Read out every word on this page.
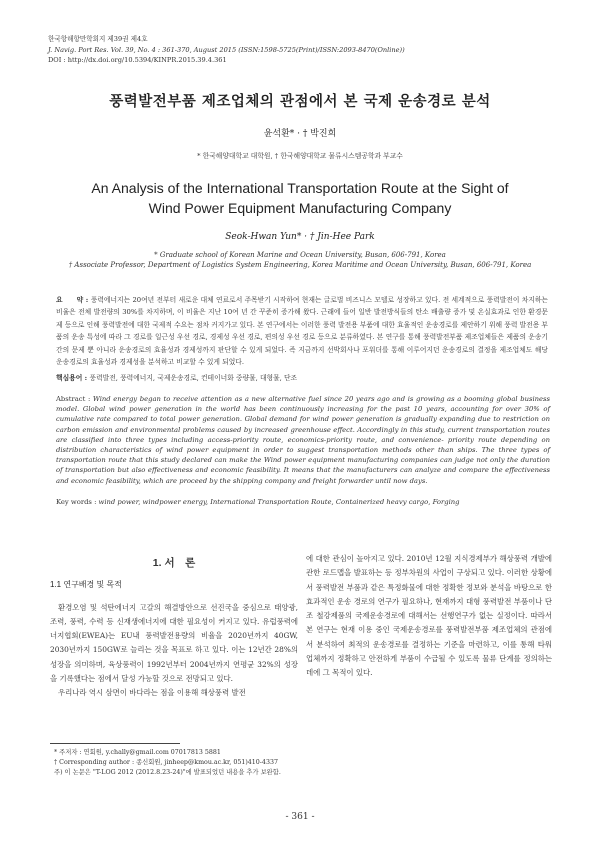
한국항해항만학회지 제39권 제4호
J. Navig. Port Res. Vol. 39, No. 4 : 361-370, August 2015 (ISSN:1598-5725(Print)/ISSN:2093-8470(Online))
DOI : http://dx.doi.org/10.5394/KINPR.2015.39.4.361
풍력발전부품 제조업체의 관점에서 본 국제 운송경로 분석
윤석환* · † 박진희
* 한국해양대학교 대학원, † 한국해양대학교 물류시스템공학과 부교수
An Analysis of the International Transportation Route at the Sight of Wind Power Equipment Manufacturing Company
Seok-Hwan Yun* · † Jin-Hee Park
* Graduate school of Korean Marine and Ocean University, Busan, 606-791, Korea
† Associate Professor, Department of Logistics System Engineering, Korea Maritime and Ocean University, Busan, 606-791, Korea
요　　약 : 풍력에너지는 20여년 전부터 새로운 대체 연료로서 주목받기 시작하여 현재는 글로벌 비즈니스 모델로 성장하고 있다. 전 세계적으로 풍력발전이 차지하는 비율은 전체 발전량의 30%를 차지하며, 이 비율은 지난 10여 년 간 꾸준히 증가해 왔다. 근래에 들어 일반 발전방식들의 탄소 배출량 증가 및 온실효과로 인한 환경문제 등으로 인해 풍력발전에 대한 국제적 수요는 점차 커지가고 있다. 본 연구에서는 이러한 풍력 발전용 부품에 대한 효율적인 운송경로를 제안하기 위해 풍력 발전용 부품의 운송 특성에 따라 그 경로를 일근성 우선 경로, 경제성 우선 경로, 편의성 우선 경로 등으로 분류하였다. 본 연구를 통해 풍력발전부품 제조업체들은 제품의 운송기간의 문제 뿐 아니라 운송경로의 효율성과 경제성까지 판단할 수 있게 되었다. 즉 지금까지 선박회사나 포워더를 통해 이루어지던 운송경로의 결정을 제조업체도 해당 운송경로의 효율성과 경제성을 분석하고 비교할 수 있게 되었다.
핵심용어 : 풍력발전, 풍력에너지, 국제운송경로, 컨테이너화 중량물, 대형물, 단조
Abstract : Wind energy began to receive attention as a new alternative fuel since 20 years ago and is growing as a booming global business model. Global wind power generation in the world has been continuously increasing for the past 10 years, accounting for over 30% of cumulative rate compared to total power generation. Global demand for wind power generation is gradually expanding due to restriction on carbon emission and environmental problems caused by increased greenhouse effect. Accordingly in this study, current transportation routes are classified into three types including access-priority route, economics-priority route, and convenience- priority route depending on distribution characteristics of wind power equipment in order to suggest transportation methods other than ships. The three types of transportation route that this study declared can make the Wind power equipment manufacturing companies can judge not only the duration of transportation but also effectiveness and economic feasibility. It means that the manufacturers can analyze and compare the effectiveness and economic feasibility, which are proceed by the shipping company and freight forwarder until now days.
Key words : wind power, windpower energy, International Transportation Route, Containerized heavy cargo, Forging
1. 서　론
1.1 연구배경 및 목적

환경오염 및 석탄에너지 고갈의 해결방안으로 선진국을 중심으로 태양광, 조력, 풍력, 수력 등 신재생에너지에 대한 필요성이 커지고 있다. 유럽풍력에너지협회(EWEA)는 EU내 풍력발전용량의 비율을 2020년까지 40GW, 2030년까지 150GW로 늘리는 것을 목표로 하고 있다. 이는 12년간 28%의 성장을 의미하며, 육상풍력이 1992년부터 2004년까지 연평균 32%의 성장을 기록했다는 점에서 달성 가능할 것으로 전망되고 있다.

우리나라 역시 삼면이 바다라는 점을 이용해 해상풍력 발전

에 대한 관심이 높아지고 있다. 2010년 12월 지식경제부가 해상풍력 개발에 관한 로드맵을 발표하는 등 정부차원의 사업이 구상되고 있다. 이러한 상황에서 풍력발전 부품과 같은 특정화물에 대한 정확한 정보와 분석을 바탕으로 한 효과적인 운송 경로의 연구가 필요하나, 현재까지 대형 풍력발전 부품이나 단조 철강제품의 국제운송경로에 대해서는 선행연구가 없는 실정이다. 따라서 본 연구는 현재 이용 중인 국제운송경로를 풍력발전부품 제조업체의 관점에서 분석하여 최적의 운송경로를 결정하는 기준을 마련하고, 이를 통해 타워 업체까지 정확하고 안전하게 부품이 수급될 수 있도록 물류 단계를 정의하는 데에 그 목적이 있다.

* 주저자 : 연회원, y.chally@gmail.com 07017813 5881
† Corresponding author : 종신회원, jinheep@kmou.ac.kr, 051)410-4337
주) 이 논문은 "T-LOG 2012 (2012.8.23-24)"에 발표되었던 내용을 추가 보완함.
- 361 -
